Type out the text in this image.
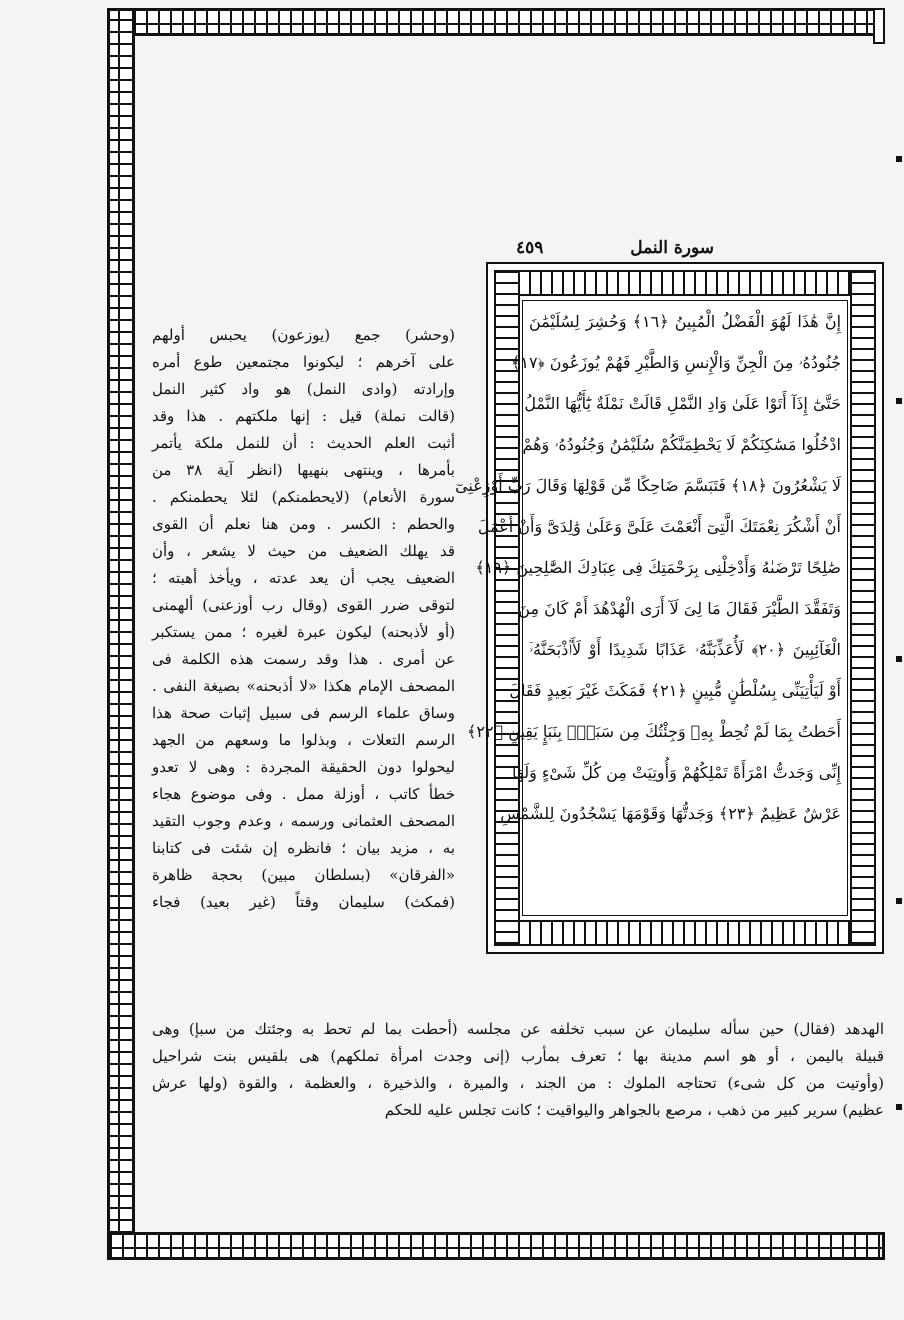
سورة النمل
٤٥٩
إِنَّ هَٰذَا لَهُوَ الْفَضْلُ الْمُبِينُ ﴿١٦﴾ وَحُشِرَ لِسُلَيْمَٰنَ
جُنُودُهُۥ مِنَ الْجِنِّ وَالْإِنسِ وَالطَّيْرِ فَهُمْ يُوزَعُونَ ﴿١٧﴾
حَتَّىٰٓ إِذَآ أَتَوْا عَلَىٰ وَادِ النَّمْلِ قَالَتْ نَمْلَةٌ يَٰٓأَيُّهَا النَّمْلُ
ادْخُلُوا مَسَٰكِنَكُمْ لَا يَحْطِمَنَّكُمْ سُلَيْمَٰنُ وَجُنُودُهُۥ وَهُمْ
لَا يَشْعُرُونَ ﴿١٨﴾ فَتَبَسَّمَ ضَاحِكًا مِّن قَوْلِهَا وَقَالَ رَبِّ أَوْزِعْنِىٓ
أَنْ أَشْكُرَ نِعْمَتَكَ الَّتِىٓ أَنْعَمْتَ عَلَىَّ وَعَلَىٰ وَٰلِدَىَّ وَأَنْ أَعْمَلَ
صَٰلِحًا تَرْضَىٰهُ وَأَدْخِلْنِى بِرَحْمَتِكَ فِى عِبَادِكَ الصَّٰلِحِينَ ﴿١٩﴾
وَتَفَقَّدَ الطَّيْرَ فَقَالَ مَا لِىَ لَآ أَرَى الْهُدْهُدَ أَمْ كَانَ مِنَ
الْغَآئِبِينَ ﴿٢٠﴾ لَأُعَذِّبَنَّهُۥ عَذَابًا شَدِيدًا أَوْ لَأَا۟ذْبَحَنَّهُۥٓ
أَوْ لَيَأْتِيَنِّى بِسُلْطَٰنٍ مُّبِينٍ ﴿٢١﴾ فَمَكَثَ غَيْرَ بَعِيدٍ فَقَالَ
أَحَطتُ بِمَا لَمْ تُحِطْ بِهِۦ وَجِئْتُكَ مِن سَبَإٍۭ بِنَبَإٍ يَقِينٍ ﴿٢٢﴾
إِنِّى وَجَدتُّ امْرَأَةً تَمْلِكُهُمْ وَأُوتِيَتْ مِن كُلِّ شَىْءٍ وَلَهَا
عَرْشٌ عَظِيمٌ ﴿٢٣﴾ وَجَدتُّهَا وَقَوْمَهَا يَسْجُدُونَ لِلشَّمْسِ
(وحشر) جمع (يوزعون) يحبس أولهم
على آخرهم ؛ ليكونوا مجتمعين طوع أمره
وإرادته (وادى النمل) هو واد كثير النمل
(قالت نملة) قيل : إنها ملكتهم . هذا وقد
أثبت العلم الحديث : أن للنمل ملكة يأتمر
بأمرها ، وينتهى بنهيها (انظر آية ٣٨ من
سورة الأنعام) (لايحطمنكم) لئلا يحطمنكم .
والحطم : الكسر . ومن هنا نعلم أن القوى
قد يهلك الضعيف من حيث لا يشعر ، وأن
الضعيف يجب أن يعد عدته ، ويأخذ أهبته ؛
لتوقى ضرر القوى (وقال رب أوزعنى) ألهمنى
(أو لأذبحنه) ليكون عبرة لغيره ؛ ممن يستكبر
عن أمرى . هذا وقد رسمت هذه الكلمة فى
المصحف الإمام هكذا «لا أذبحنه» بصيغة النفى .
وساق علماء الرسم فى سبيل إثبات صحة هذا
الرسم التعلات ، وبذلوا ما وسعهم من الجهد
ليحولوا دون الحقيقة المجردة : وهى لا تعدو
خطأ كاتب ، أوزلة ممل . وفى موضوع هجاء
المصحف العثمانى ورسمه ، وعدم وجوب التقيد
به ، مزيد بيان ؛ فانظره إن شئت فى كتابنا
«الفرقان» (بسلطان مبين) بحجة ظاهرة
(فمكث) سليمان وقتاً (غير بعيد) فجاء
الهدهد (فقال) حين سأله سليمان عن سبب تخلفه عن مجلسه (أحطت بما لم تحط به وجئتك من سبإ) وهى
قبيلة باليمن ، أو هو اسم مدينة بها ؛ تعرف بمأرب (إنى وجدت امرأة تملكهم) هى بلقيس بنت شراحيل
(وأوتيت من كل شىء) تحتاجه الملوك : من الجند ، والميرة ، والذخيرة ، والعظمة ، والقوة (ولها عرش
عظيم) سرير كبير من ذهب ، مرصع بالجواهر واليواقيت ؛ كانت تجلس عليه للحكم
